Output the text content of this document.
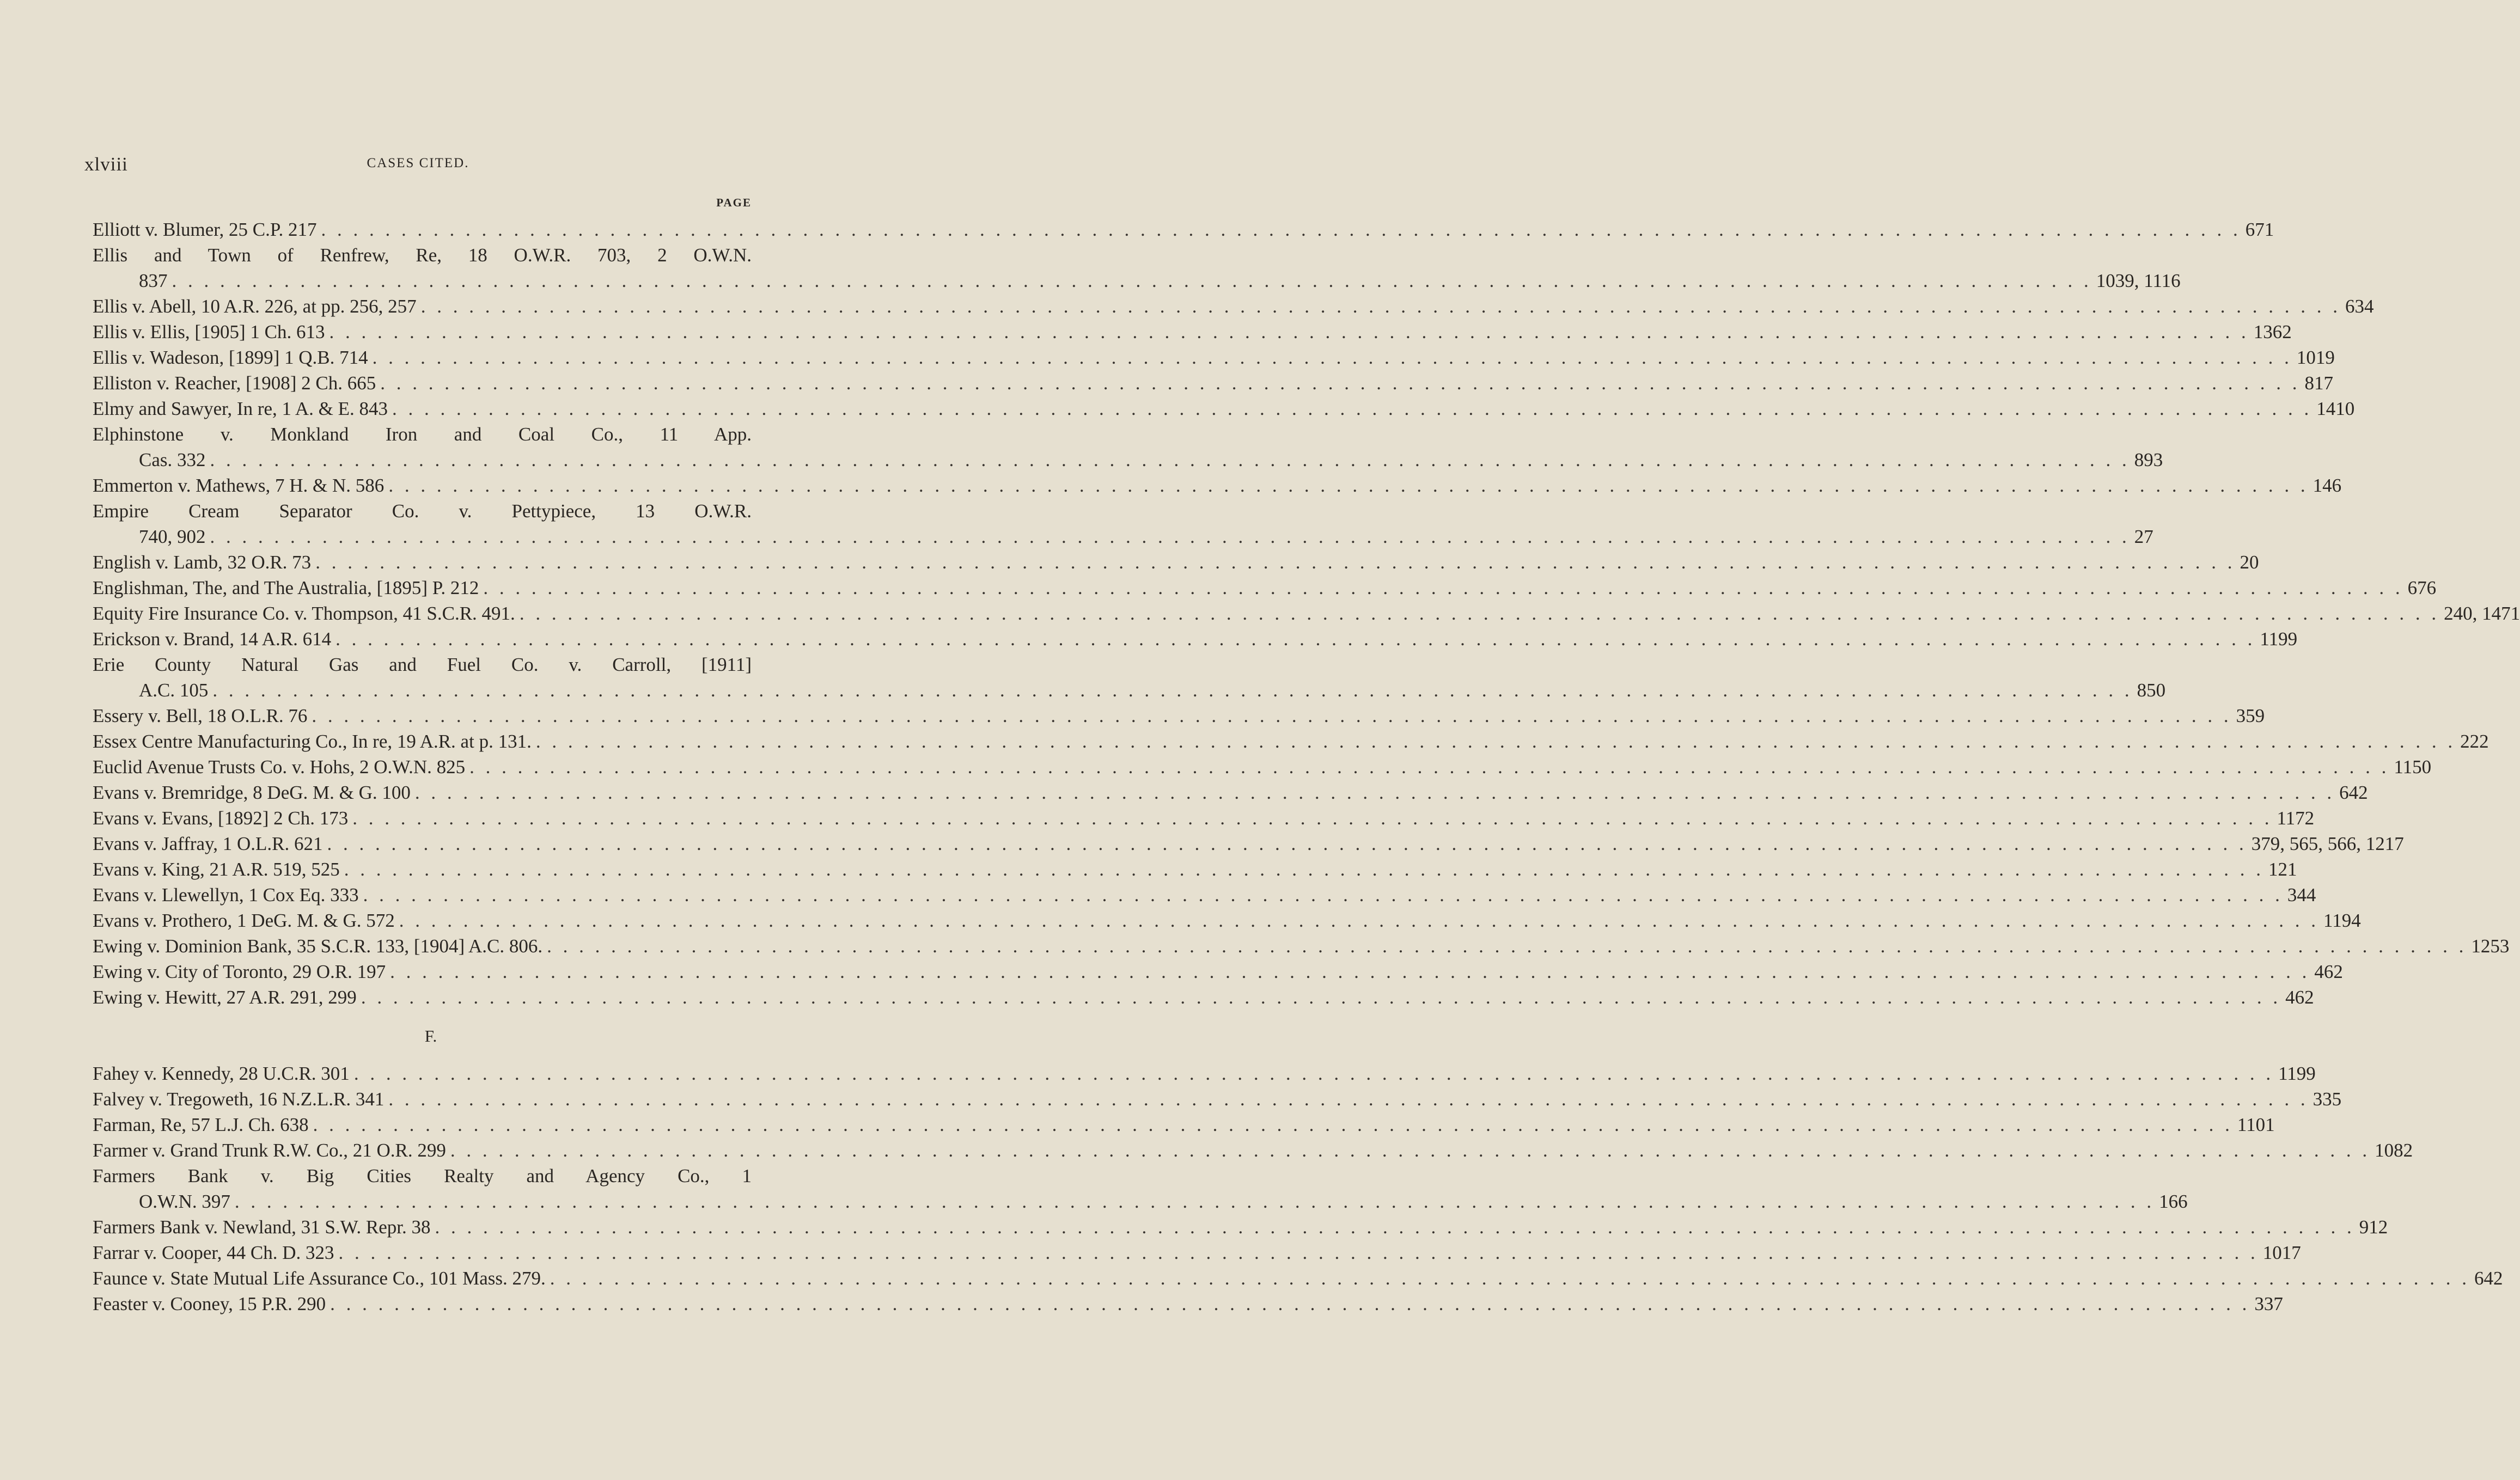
xlviii	CASES CITED.
PAGE
Elliott v. Blumer, 25 C.P. 217 . . . . . . . . . . . . . . . . . . . . . . . . . . . . . . . . . . . . . . . . . . . . . . . . . . . . . . . . . . . . . . . . . . . . . . . . . . . . . . . . . . . . . . . . . . . . . . . . . . . . . . . . . . . . . . . . . . . . . . . . 671
Ellis and Town of Renfrew, Re, 18 O.W.R. 703, 2 O.W.N.
837 . . . . . . . . . . . . . . . . . . . . . . . . . . . . . . . . . . . . . . . . . . . . . . . . . . . . . . . . . . . . . . . . . . . . . . . . . . . . . . . . . . . . . . . . . . . . . . . . . . . . . . . . . . . . . . . . . . . . . . . . 1039, 1116
Ellis v. Abell, 10 A.R. 226, at pp. 256, 257 . . . . . . . . . . . . . . . . . . . . . . . . . . . . . . . . . . . . . . . . . . . . . . . . . . . . . . . . . . . . . . . . . . . . . . . . . . . . . . . . . . . . . . . . . . . . . . . . . . . . . . . . . . . . . . . . . . . . . . . . 634
Ellis v. Ellis, [1905] 1 Ch. 613 . . . . . . . . . . . . . . . . . . . . . . . . . . . . . . . . . . . . . . . . . . . . . . . . . . . . . . . . . . . . . . . . . . . . . . . . . . . . . . . . . . . . . . . . . . . . . . . . . . . . . . . . . . . . . . . . . . . . . . . . 1362
Ellis v. Wadeson, [1899] 1 Q.B. 714 . . . . . . . . . . . . . . . . . . . . . . . . . . . . . . . . . . . . . . . . . . . . . . . . . . . . . . . . . . . . . . . . . . . . . . . . . . . . . . . . . . . . . . . . . . . . . . . . . . . . . . . . . . . . . . . . . . . . . . . . 1019
Elliston v. Reacher, [1908] 2 Ch. 665 . . . . . . . . . . . . . . . . . . . . . . . . . . . . . . . . . . . . . . . . . . . . . . . . . . . . . . . . . . . . . . . . . . . . . . . . . . . . . . . . . . . . . . . . . . . . . . . . . . . . . . . . . . . . . . . . . . . . . . . . 817
Elmy and Sawyer, In re, 1 A. & E. 843 . . . . . . . . . . . . . . . . . . . . . . . . . . . . . . . . . . . . . . . . . . . . . . . . . . . . . . . . . . . . . . . . . . . . . . . . . . . . . . . . . . . . . . . . . . . . . . . . . . . . . . . . . . . . . . . . . . . . . . . . 1410
Elphinstone v. Monkland Iron and Coal Co., 11 App.
Cas. 332 . . . . . . . . . . . . . . . . . . . . . . . . . . . . . . . . . . . . . . . . . . . . . . . . . . . . . . . . . . . . . . . . . . . . . . . . . . . . . . . . . . . . . . . . . . . . . . . . . . . . . . . . . . . . . . . . . . . . . . . . 893
Emmerton v. Mathews, 7 H. & N. 586 . . . . . . . . . . . . . . . . . . . . . . . . . . . . . . . . . . . . . . . . . . . . . . . . . . . . . . . . . . . . . . . . . . . . . . . . . . . . . . . . . . . . . . . . . . . . . . . . . . . . . . . . . . . . . . . . . . . . . . . . 146
Empire Cream Separator Co. v. Pettypiece, 13 O.W.R.
740, 902 . . . . . . . . . . . . . . . . . . . . . . . . . . . . . . . . . . . . . . . . . . . . . . . . . . . . . . . . . . . . . . . . . . . . . . . . . . . . . . . . . . . . . . . . . . . . . . . . . . . . . . . . . . . . . . . . . . . . . . . . 27
English v. Lamb, 32 O.R. 73 . . . . . . . . . . . . . . . . . . . . . . . . . . . . . . . . . . . . . . . . . . . . . . . . . . . . . . . . . . . . . . . . . . . . . . . . . . . . . . . . . . . . . . . . . . . . . . . . . . . . . . . . . . . . . . . . . . . . . . . . 20
Englishman, The, and The Australia, [1895] P. 212 . . . . . . . . . . . . . . . . . . . . . . . . . . . . . . . . . . . . . . . . . . . . . . . . . . . . . . . . . . . . . . . . . . . . . . . . . . . . . . . . . . . . . . . . . . . . . . . . . . . . . . . . . . . . . . . . . . . . . . . . 676
Equity Fire Insurance Co. v. Thompson, 41 S.C.R. 491. . . . . . . . . . . . . . . . . . . . . . . . . . . . . . . . . . . . . . . . . . . . . . . . . . . . . . . . . . . . . . . . . . . . . . . . . . . . . . . . . . . . . . . . . . . . . . . . . . . . . . . . . . . . . . . . . . . . . . . . . 240, 1471
Erickson v. Brand, 14 A.R. 614 . . . . . . . . . . . . . . . . . . . . . . . . . . . . . . . . . . . . . . . . . . . . . . . . . . . . . . . . . . . . . . . . . . . . . . . . . . . . . . . . . . . . . . . . . . . . . . . . . . . . . . . . . . . . . . . . . . . . . . . . 1199
Erie County Natural Gas and Fuel Co. v. Carroll, [1911]
A.C. 105 . . . . . . . . . . . . . . . . . . . . . . . . . . . . . . . . . . . . . . . . . . . . . . . . . . . . . . . . . . . . . . . . . . . . . . . . . . . . . . . . . . . . . . . . . . . . . . . . . . . . . . . . . . . . . . . . . . . . . . . . 850
Essery v. Bell, 18 O.L.R. 76 . . . . . . . . . . . . . . . . . . . . . . . . . . . . . . . . . . . . . . . . . . . . . . . . . . . . . . . . . . . . . . . . . . . . . . . . . . . . . . . . . . . . . . . . . . . . . . . . . . . . . . . . . . . . . . . . . . . . . . . . 359
Essex Centre Manufacturing Co., In re, 19 A.R. at p. 131. . . . . . . . . . . . . . . . . . . . . . . . . . . . . . . . . . . . . . . . . . . . . . . . . . . . . . . . . . . . . . . . . . . . . . . . . . . . . . . . . . . . . . . . . . . . . . . . . . . . . . . . . . . . . . . . . . . . . . . . . 222
Euclid Avenue Trusts Co. v. Hohs, 2 O.W.N. 825 . . . . . . . . . . . . . . . . . . . . . . . . . . . . . . . . . . . . . . . . . . . . . . . . . . . . . . . . . . . . . . . . . . . . . . . . . . . . . . . . . . . . . . . . . . . . . . . . . . . . . . . . . . . . . . . . . . . . . . . . 1150
Evans v. Bremridge, 8 DeG. M. & G. 100 . . . . . . . . . . . . . . . . . . . . . . . . . . . . . . . . . . . . . . . . . . . . . . . . . . . . . . . . . . . . . . . . . . . . . . . . . . . . . . . . . . . . . . . . . . . . . . . . . . . . . . . . . . . . . . . . . . . . . . . . 642
Evans v. Evans, [1892] 2 Ch. 173 . . . . . . . . . . . . . . . . . . . . . . . . . . . . . . . . . . . . . . . . . . . . . . . . . . . . . . . . . . . . . . . . . . . . . . . . . . . . . . . . . . . . . . . . . . . . . . . . . . . . . . . . . . . . . . . . . . . . . . . . 1172
Evans v. Jaffray, 1 O.L.R. 621 . . . . . . . . . . . . . . . . . . . . . . . . . . . . . . . . . . . . . . . . . . . . . . . . . . . . . . . . . . . . . . . . . . . . . . . . . . . . . . . . . . . . . . . . . . . . . . . . . . . . . . . . . . . . . . . . . . . . . . . . 379, 565, 566, 1217
Evans v. King, 21 A.R. 519, 525 . . . . . . . . . . . . . . . . . . . . . . . . . . . . . . . . . . . . . . . . . . . . . . . . . . . . . . . . . . . . . . . . . . . . . . . . . . . . . . . . . . . . . . . . . . . . . . . . . . . . . . . . . . . . . . . . . . . . . . . . 121
Evans v. Llewellyn, 1 Cox Eq. 333 . . . . . . . . . . . . . . . . . . . . . . . . . . . . . . . . . . . . . . . . . . . . . . . . . . . . . . . . . . . . . . . . . . . . . . . . . . . . . . . . . . . . . . . . . . . . . . . . . . . . . . . . . . . . . . . . . . . . . . . . 344
Evans v. Prothero, 1 DeG. M. & G. 572 . . . . . . . . . . . . . . . . . . . . . . . . . . . . . . . . . . . . . . . . . . . . . . . . . . . . . . . . . . . . . . . . . . . . . . . . . . . . . . . . . . . . . . . . . . . . . . . . . . . . . . . . . . . . . . . . . . . . . . . . 1194
Ewing v. Dominion Bank, 35 S.C.R. 133, [1904] A.C. 806. . . . . . . . . . . . . . . . . . . . . . . . . . . . . . . . . . . . . . . . . . . . . . . . . . . . . . . . . . . . . . . . . . . . . . . . . . . . . . . . . . . . . . . . . . . . . . . . . . . . . . . . . . . . . . . . . . . . . . . . . 1253
Ewing v. City of Toronto, 29 O.R. 197 . . . . . . . . . . . . . . . . . . . . . . . . . . . . . . . . . . . . . . . . . . . . . . . . . . . . . . . . . . . . . . . . . . . . . . . . . . . . . . . . . . . . . . . . . . . . . . . . . . . . . . . . . . . . . . . . . . . . . . . . 462
Ewing v. Hewitt, 27 A.R. 291, 299 . . . . . . . . . . . . . . . . . . . . . . . . . . . . . . . . . . . . . . . . . . . . . . . . . . . . . . . . . . . . . . . . . . . . . . . . . . . . . . . . . . . . . . . . . . . . . . . . . . . . . . . . . . . . . . . . . . . . . . . . 462
F.
Fahey v. Kennedy, 28 U.C.R. 301 . . . . . . . . . . . . . . . . . . . . . . . . . . . . . . . . . . . . . . . . . . . . . . . . . . . . . . . . . . . . . . . . . . . . . . . . . . . . . . . . . . . . . . . . . . . . . . . . . . . . . . . . . . . . . . . . . . . . . . . . 1199
Falvey v. Tregoweth, 16 N.Z.L.R. 341 . . . . . . . . . . . . . . . . . . . . . . . . . . . . . . . . . . . . . . . . . . . . . . . . . . . . . . . . . . . . . . . . . . . . . . . . . . . . . . . . . . . . . . . . . . . . . . . . . . . . . . . . . . . . . . . . . . . . . . . . 335
Farman, Re, 57 L.J. Ch. 638 . . . . . . . . . . . . . . . . . . . . . . . . . . . . . . . . . . . . . . . . . . . . . . . . . . . . . . . . . . . . . . . . . . . . . . . . . . . . . . . . . . . . . . . . . . . . . . . . . . . . . . . . . . . . . . . . . . . . . . . . 1101
Farmer v. Grand Trunk R.W. Co., 21 O.R. 299 . . . . . . . . . . . . . . . . . . . . . . . . . . . . . . . . . . . . . . . . . . . . . . . . . . . . . . . . . . . . . . . . . . . . . . . . . . . . . . . . . . . . . . . . . . . . . . . . . . . . . . . . . . . . . . . . . . . . . . . . 1082
Farmers Bank v. Big Cities Realty and Agency Co., 1
O.W.N. 397 . . . . . . . . . . . . . . . . . . . . . . . . . . . . . . . . . . . . . . . . . . . . . . . . . . . . . . . . . . . . . . . . . . . . . . . . . . . . . . . . . . . . . . . . . . . . . . . . . . . . . . . . . . . . . . . . . . . . . . . . 166
Farmers Bank v. Newland, 31 S.W. Repr. 38 . . . . . . . . . . . . . . . . . . . . . . . . . . . . . . . . . . . . . . . . . . . . . . . . . . . . . . . . . . . . . . . . . . . . . . . . . . . . . . . . . . . . . . . . . . . . . . . . . . . . . . . . . . . . . . . . . . . . . . . . 912
Farrar v. Cooper, 44 Ch. D. 323 . . . . . . . . . . . . . . . . . . . . . . . . . . . . . . . . . . . . . . . . . . . . . . . . . . . . . . . . . . . . . . . . . . . . . . . . . . . . . . . . . . . . . . . . . . . . . . . . . . . . . . . . . . . . . . . . . . . . . . . . 1017
Faunce v. State Mutual Life Assurance Co., 101 Mass. 279. . . . . . . . . . . . . . . . . . . . . . . . . . . . . . . . . . . . . . . . . . . . . . . . . . . . . . . . . . . . . . . . . . . . . . . . . . . . . . . . . . . . . . . . . . . . . . . . . . . . . . . . . . . . . . . . . . . . . . . . . 642
Feaster v. Cooney, 15 P.R. 290 . . . . . . . . . . . . . . . . . . . . . . . . . . . . . . . . . . . . . . . . . . . . . . . . . . . . . . . . . . . . . . . . . . . . . . . . . . . . . . . . . . . . . . . . . . . . . . . . . . . . . . . . . . . . . . . . . . . . . . . . 337
